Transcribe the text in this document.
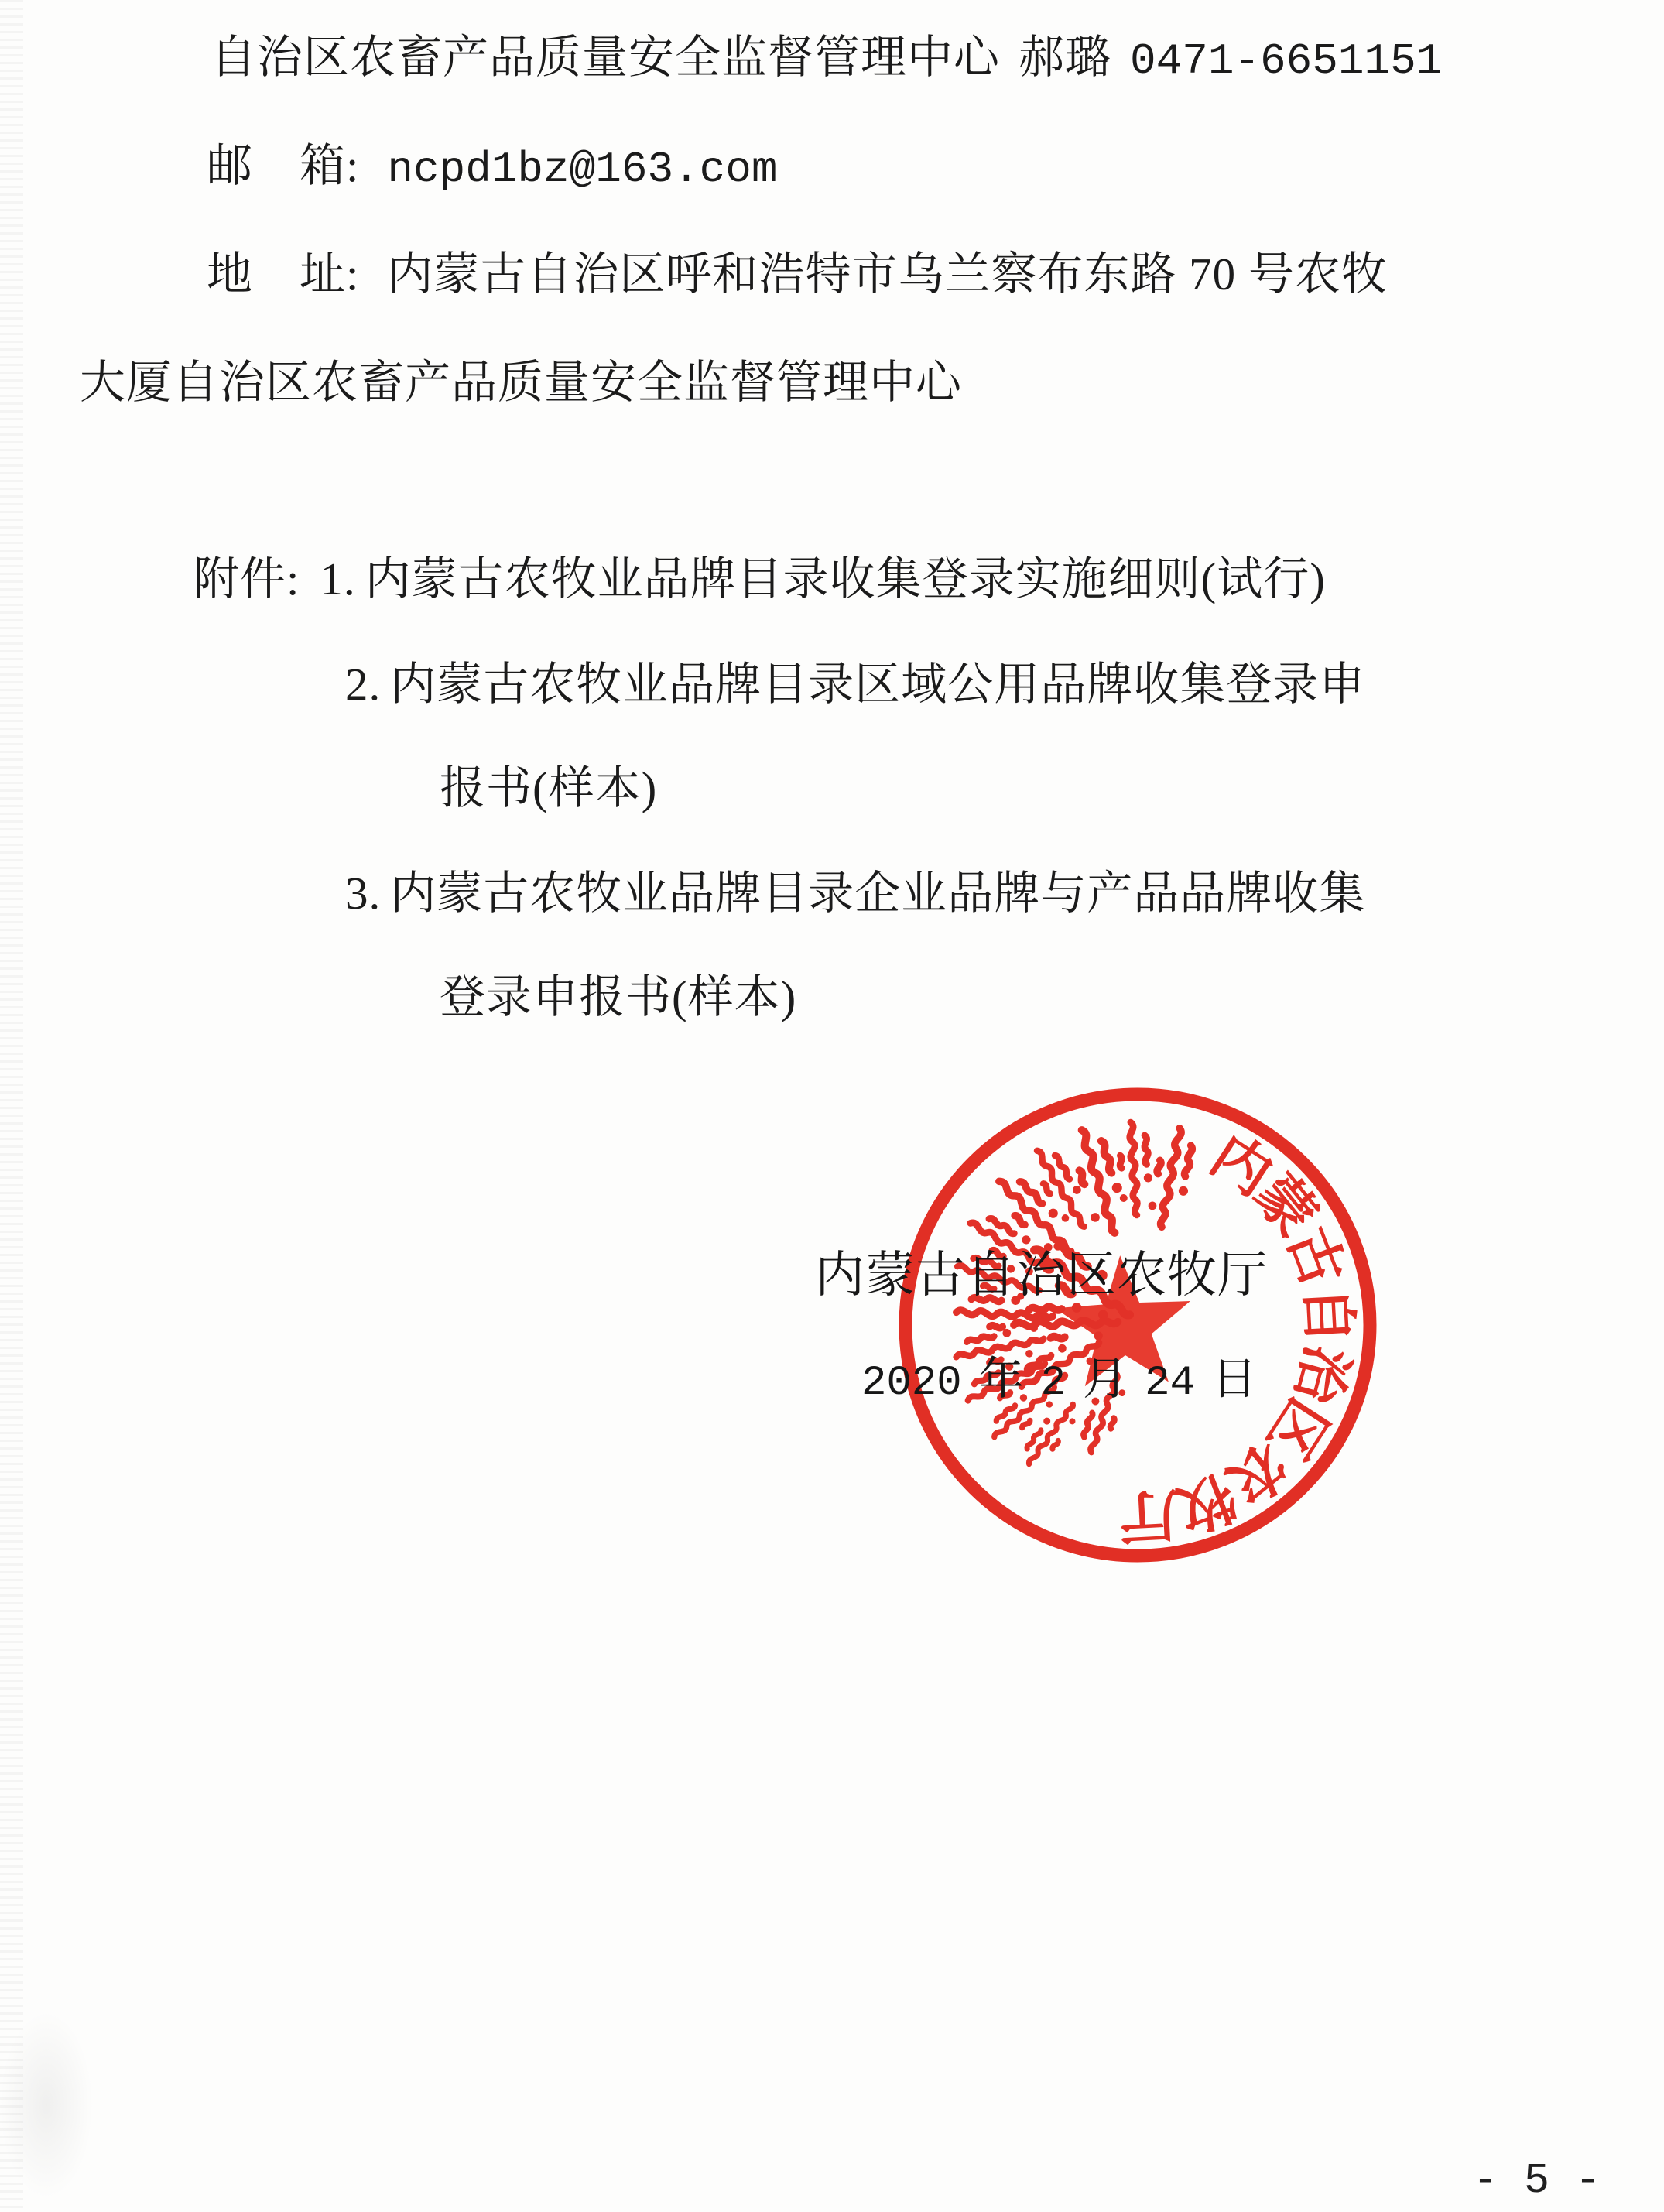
自治区农畜产品质量安全监督管理中心 郝璐 0471-6651151
邮　箱: ncpd1bz@163.com
地　址: 内蒙古自治区呼和浩特市乌兰察布东路 70 号农牧
大厦自治区农畜产品质量安全监督管理中心
附件: 1. 内蒙古农牧业品牌目录收集登录实施细则(试行)
2. 内蒙古农牧业品牌目录区域公用品牌收集登录申
报书(样本)
3. 内蒙古农牧业品牌目录企业品牌与产品品牌收集
登录申报书(样本)
内
蒙
古
自
治
区
农
牧
厅
内蒙古自治区农牧厅
2020 年 2 月 24 日
- 5 -
